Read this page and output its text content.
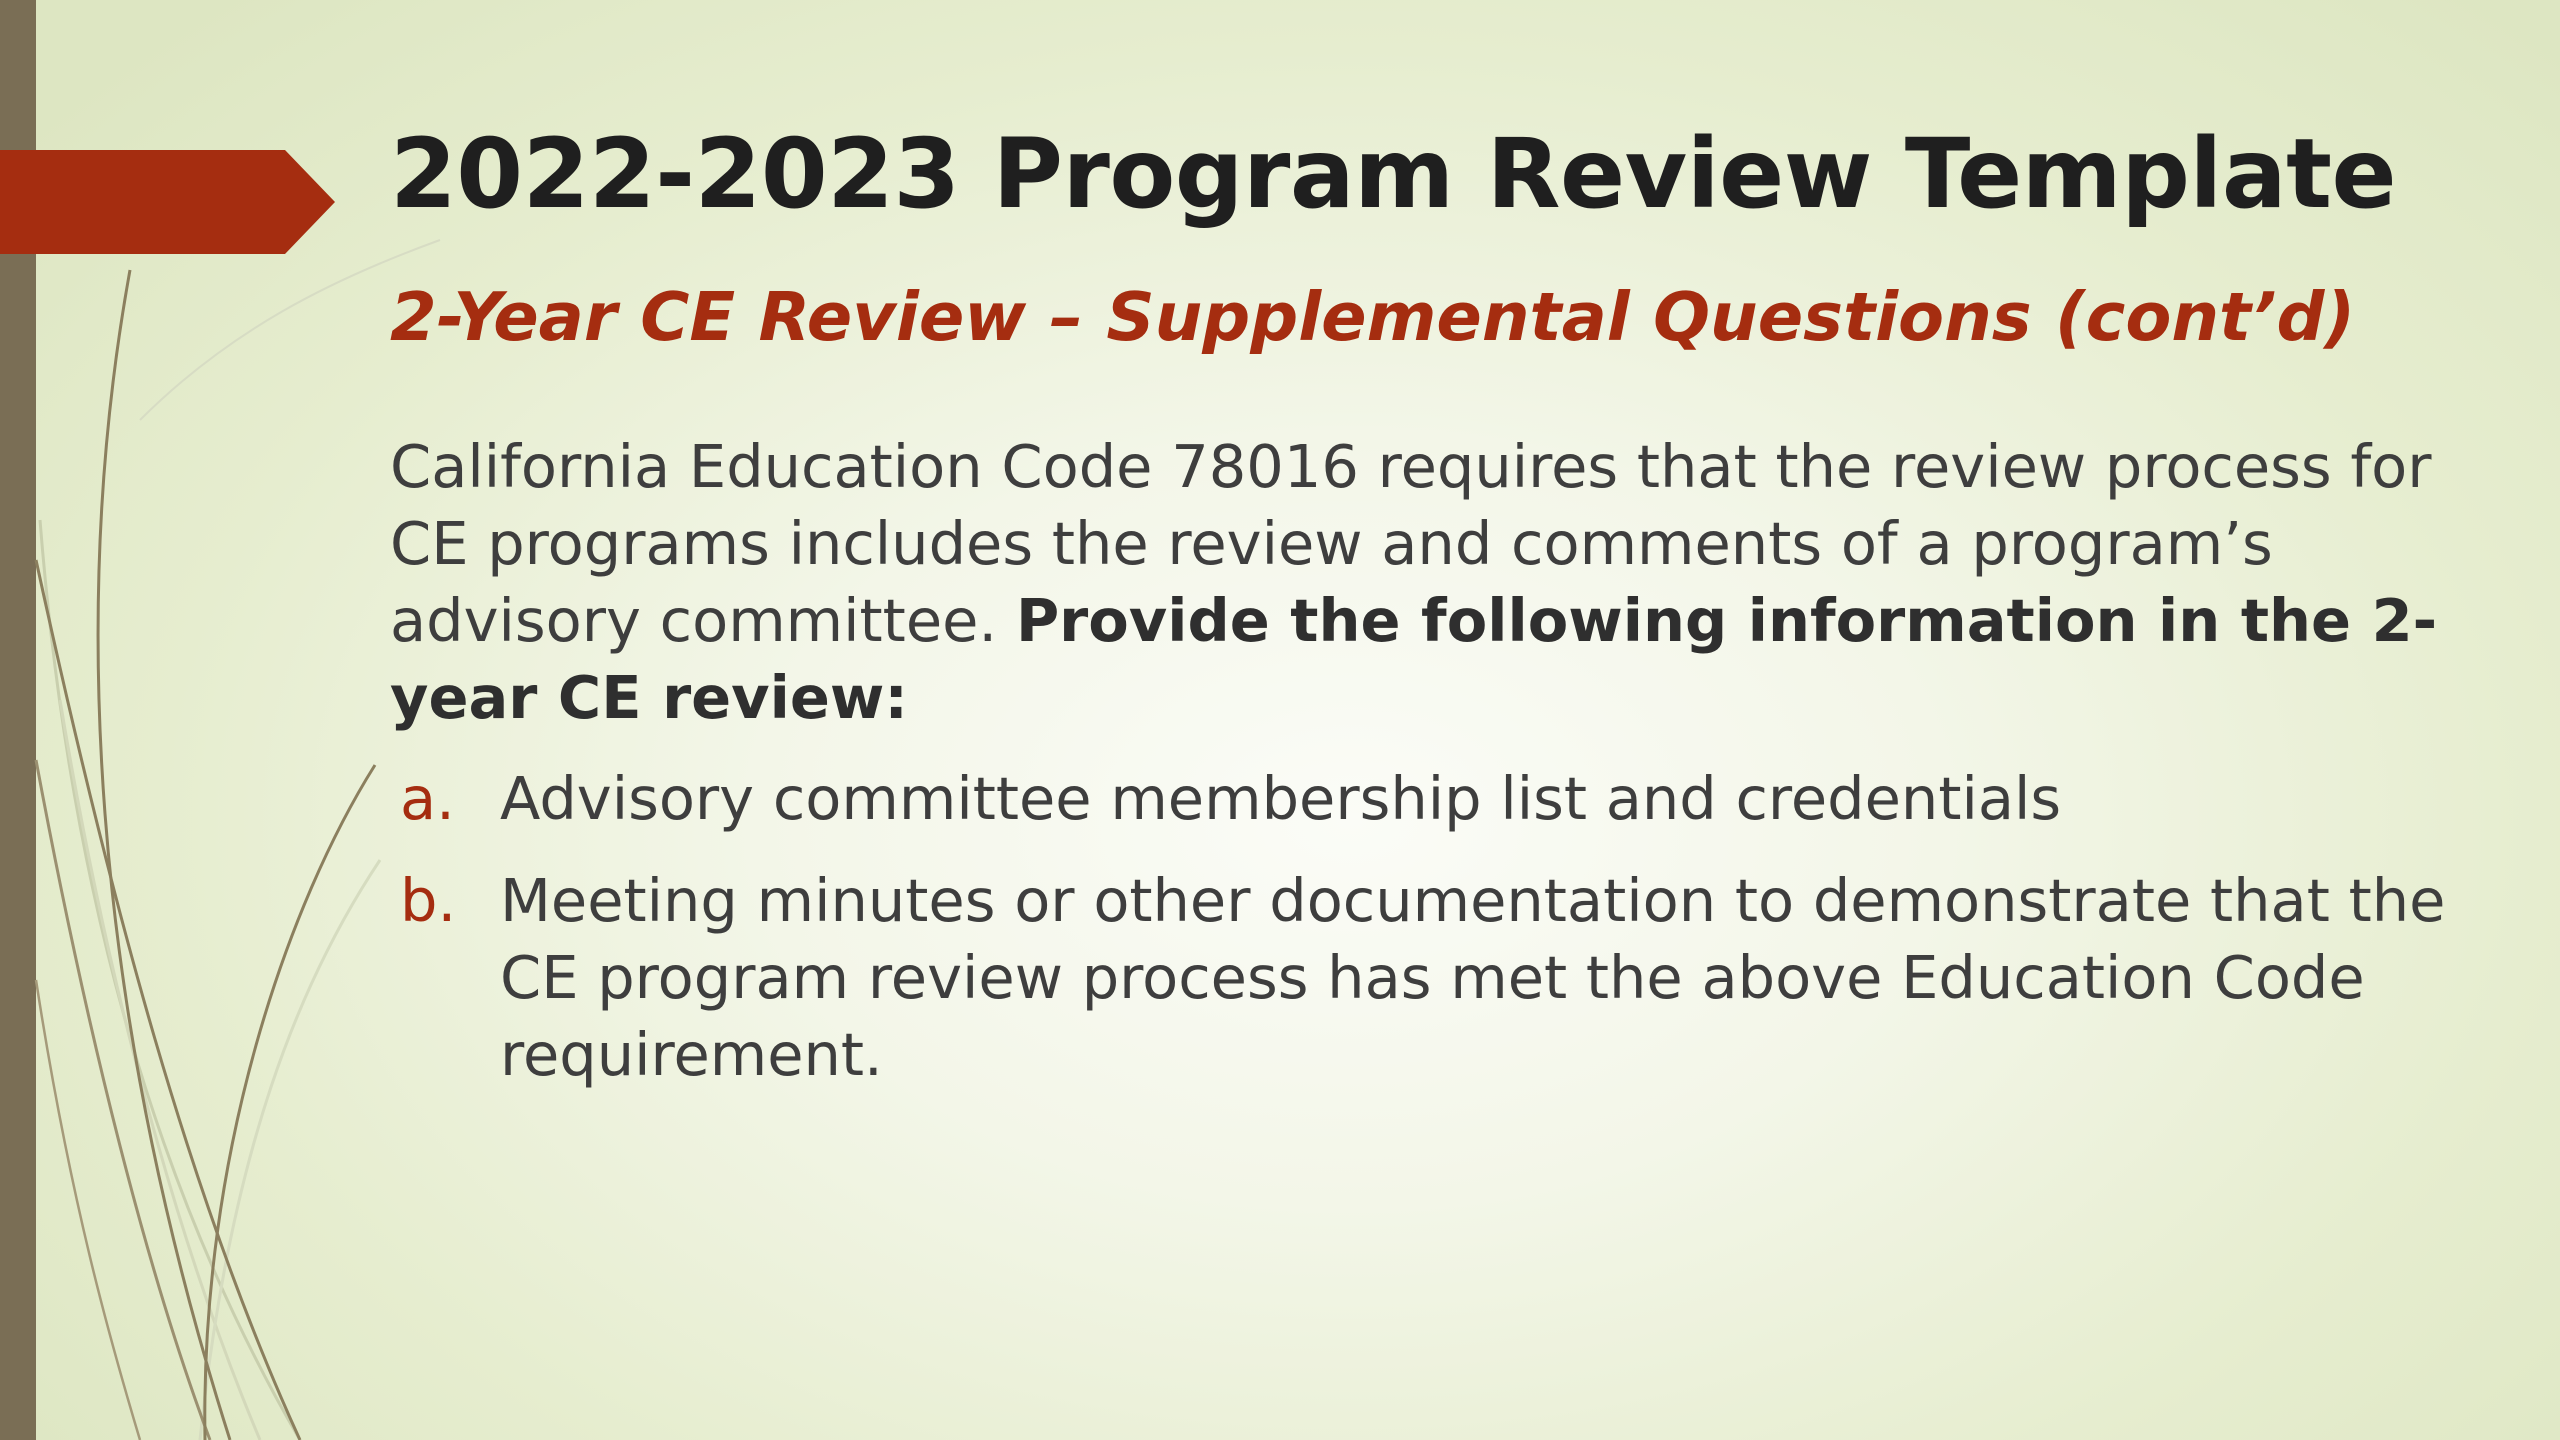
2022-2023 Program Review Template
2-Year CE Review – Supplemental Questions (cont’d)

California Education Code 78016 requires that the review process for CE programs includes the review and comments of a program’s advisory committee. Provide the following information in the 2-year CE review:

a. Advisory committee membership list and credentials
b. Meeting minutes or other documentation to demonstrate that the CE program review process has met the above Education Code requirement.
